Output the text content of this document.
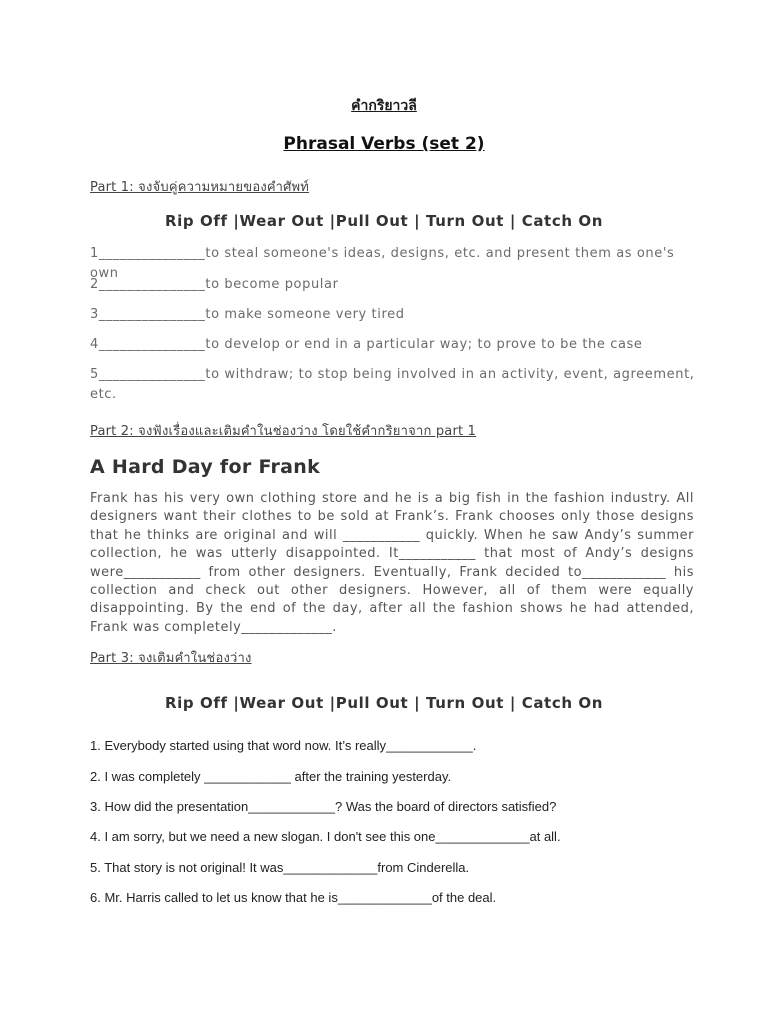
คำกริยาวลี
Phrasal Verbs (set 2)
Part 1: จงจับคู่ความหมายของคำศัพท์
Rip Off |Wear Out |Pull Out | Turn Out | Catch On
1_______________to steal someone's ideas, designs, etc. and present them as one's own
2_______________to become popular
3_______________to make someone very tired
4_______________to develop or end in a particular way; to prove to be the case
5_______________to withdraw; to stop being involved in an activity, event, agreement, etc.
Part 2: จงฟังเรื่องและเติมคำในช่องว่าง โดยใช้คำกริยาจาก part 1
A Hard Day for Frank
Frank has his very own clothing store and he is a big fish in the fashion industry. All designers want their clothes to be sold at Frank’s. Frank chooses only those designs that he thinks are original and will ___________ quickly. When he saw Andy’s summer collection, he was utterly disappointed. It___________ that most of Andy’s designs were___________ from other designers. Eventually, Frank decided to____________ his collection and check out other designers. However, all of them were equally disappointing. By the end of the day, after all the fashion shows he had attended, Frank was completely_____________.
Part 3: จงเติมคำในช่องว่าง
Rip Off |Wear Out |Pull Out | Turn Out | Catch On
1. Everybody started using that word now. It’s really____________.
2. I was completely ____________ after the training yesterday.
3. How did the presentation____________? Was the board of directors satisfied?
4. I am sorry, but we need a new slogan. I don't see this one_____________at all.
5. That story is not original! It was_____________from Cinderella.
6. Mr. Harris called to let us know that he is_____________of the deal.
